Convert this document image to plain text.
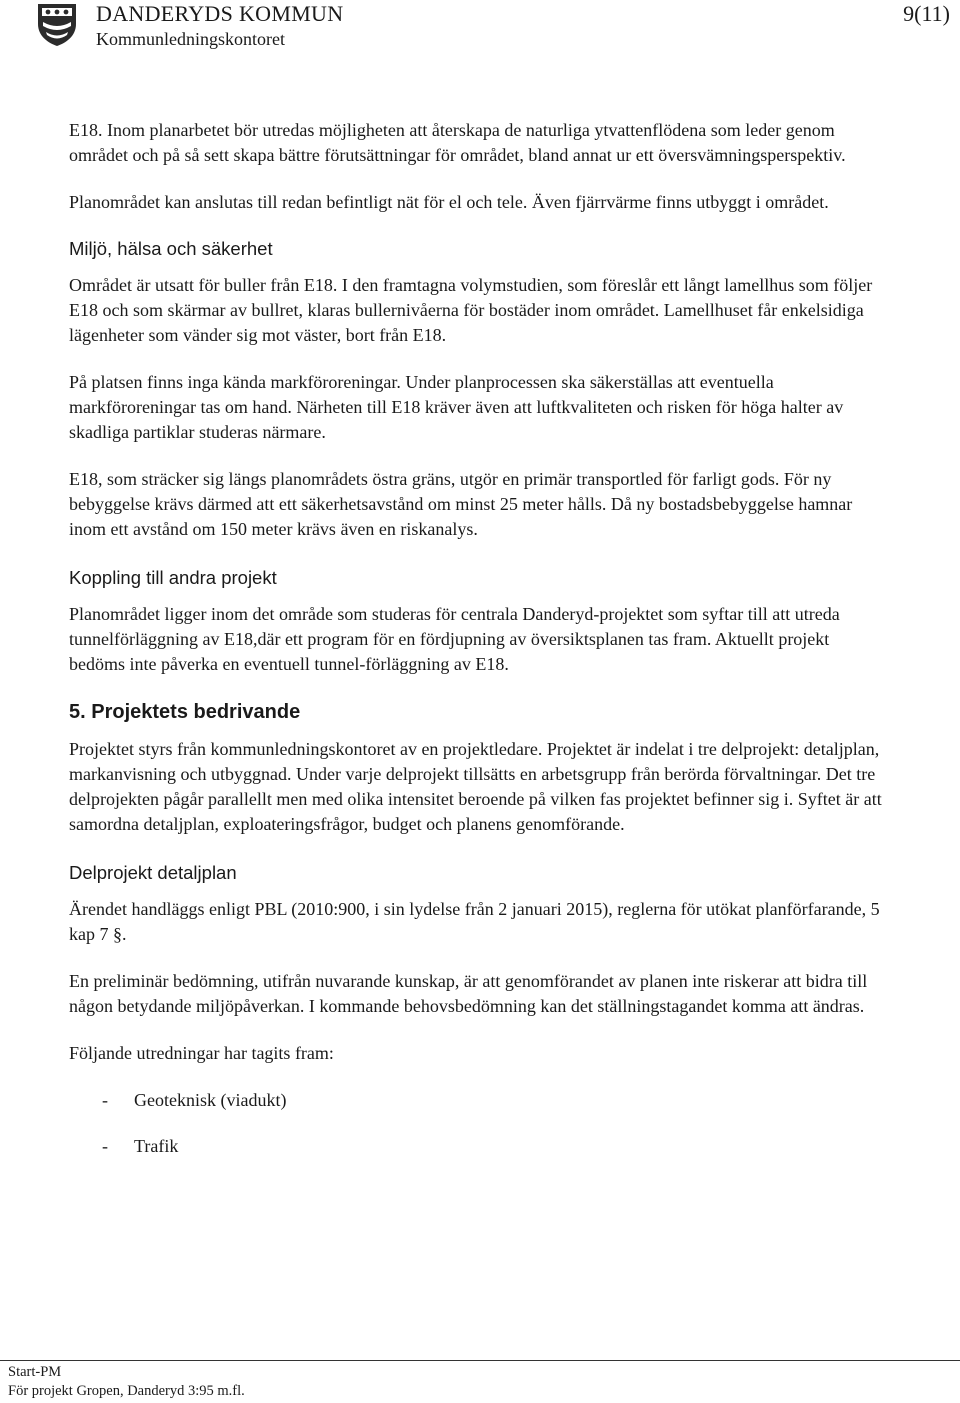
DANDERYDS KOMMUN
Kommunledningskontoret
9(11)

E18. Inom planarbetet bör utredas möjligheten att återskapa de naturliga ytvattenflödena som leder genom området och på så sett skapa bättre förutsättningar för området, bland annat ur ett översvämningsperspektiv.

Planområdet kan anslutas till redan befintligt nät för el och tele. Även fjärrvärme finns utbyggt i området.

Miljö, hälsa och säkerhet

Området är utsatt för buller från E18. I den framtagna volymstudien, som föreslår ett långt lamellhus som följer E18 och som skärmar av bullret, klaras bullernivåerna för bostäder inom området. Lamellhuset får enkelsidiga lägenheter som vänder sig mot väster, bort från E18.

På platsen finns inga kända markföroreningar. Under planprocessen ska säkerställas att eventuella markföroreningar tas om hand. Närheten till E18 kräver även att luftkvaliteten och risken för höga halter av skadliga partiklar studeras närmare.

E18, som sträcker sig längs planområdets östra gräns, utgör en primär transportled för farligt gods. För ny bebyggelse krävs därmed att ett säkerhetsavstånd om minst 25 meter hålls. Då ny bostadsbebyggelse hamnar inom ett avstånd om 150 meter krävs även en riskanalys.

Koppling till andra projekt

Planområdet ligger inom det område som studeras för centrala Danderyd-projektet som syftar till att utreda tunnelförläggning av E18,där ett program för en fördjupning av översiktsplanen tas fram. Aktuellt projekt bedöms inte påverka en eventuell tunnel-förläggning av E18.

5. Projektets bedrivande

Projektet styrs från kommunledningskontoret av en projektledare. Projektet är indelat i tre delprojekt: detaljplan, markanvisning och utbyggnad. Under varje delprojekt tillsätts en arbetsgrupp från berörda förvaltningar. Det tre delprojekten pågår parallellt men med olika intensitet beroende på vilken fas projektet befinner sig i. Syftet är att samordna detaljplan, exploateringsfrågor, budget och planens genomförande.

Delprojekt detaljplan

Ärendet handläggs enligt PBL (2010:900, i sin lydelse från 2 januari 2015), reglerna för utökat planförfarande, 5 kap 7 §.

En preliminär bedömning, utifrån nuvarande kunskap, är att genomförandet av planen inte riskerar att bidra till någon betydande miljöpåverkan. I kommande behovsbedömning kan det ställningstagandet komma att ändras.

Följande utredningar har tagits fram:

- Geoteknisk (viadukt)
- Trafik
Start-PM
För projekt Gropen, Danderyd 3:95 m.fl.
